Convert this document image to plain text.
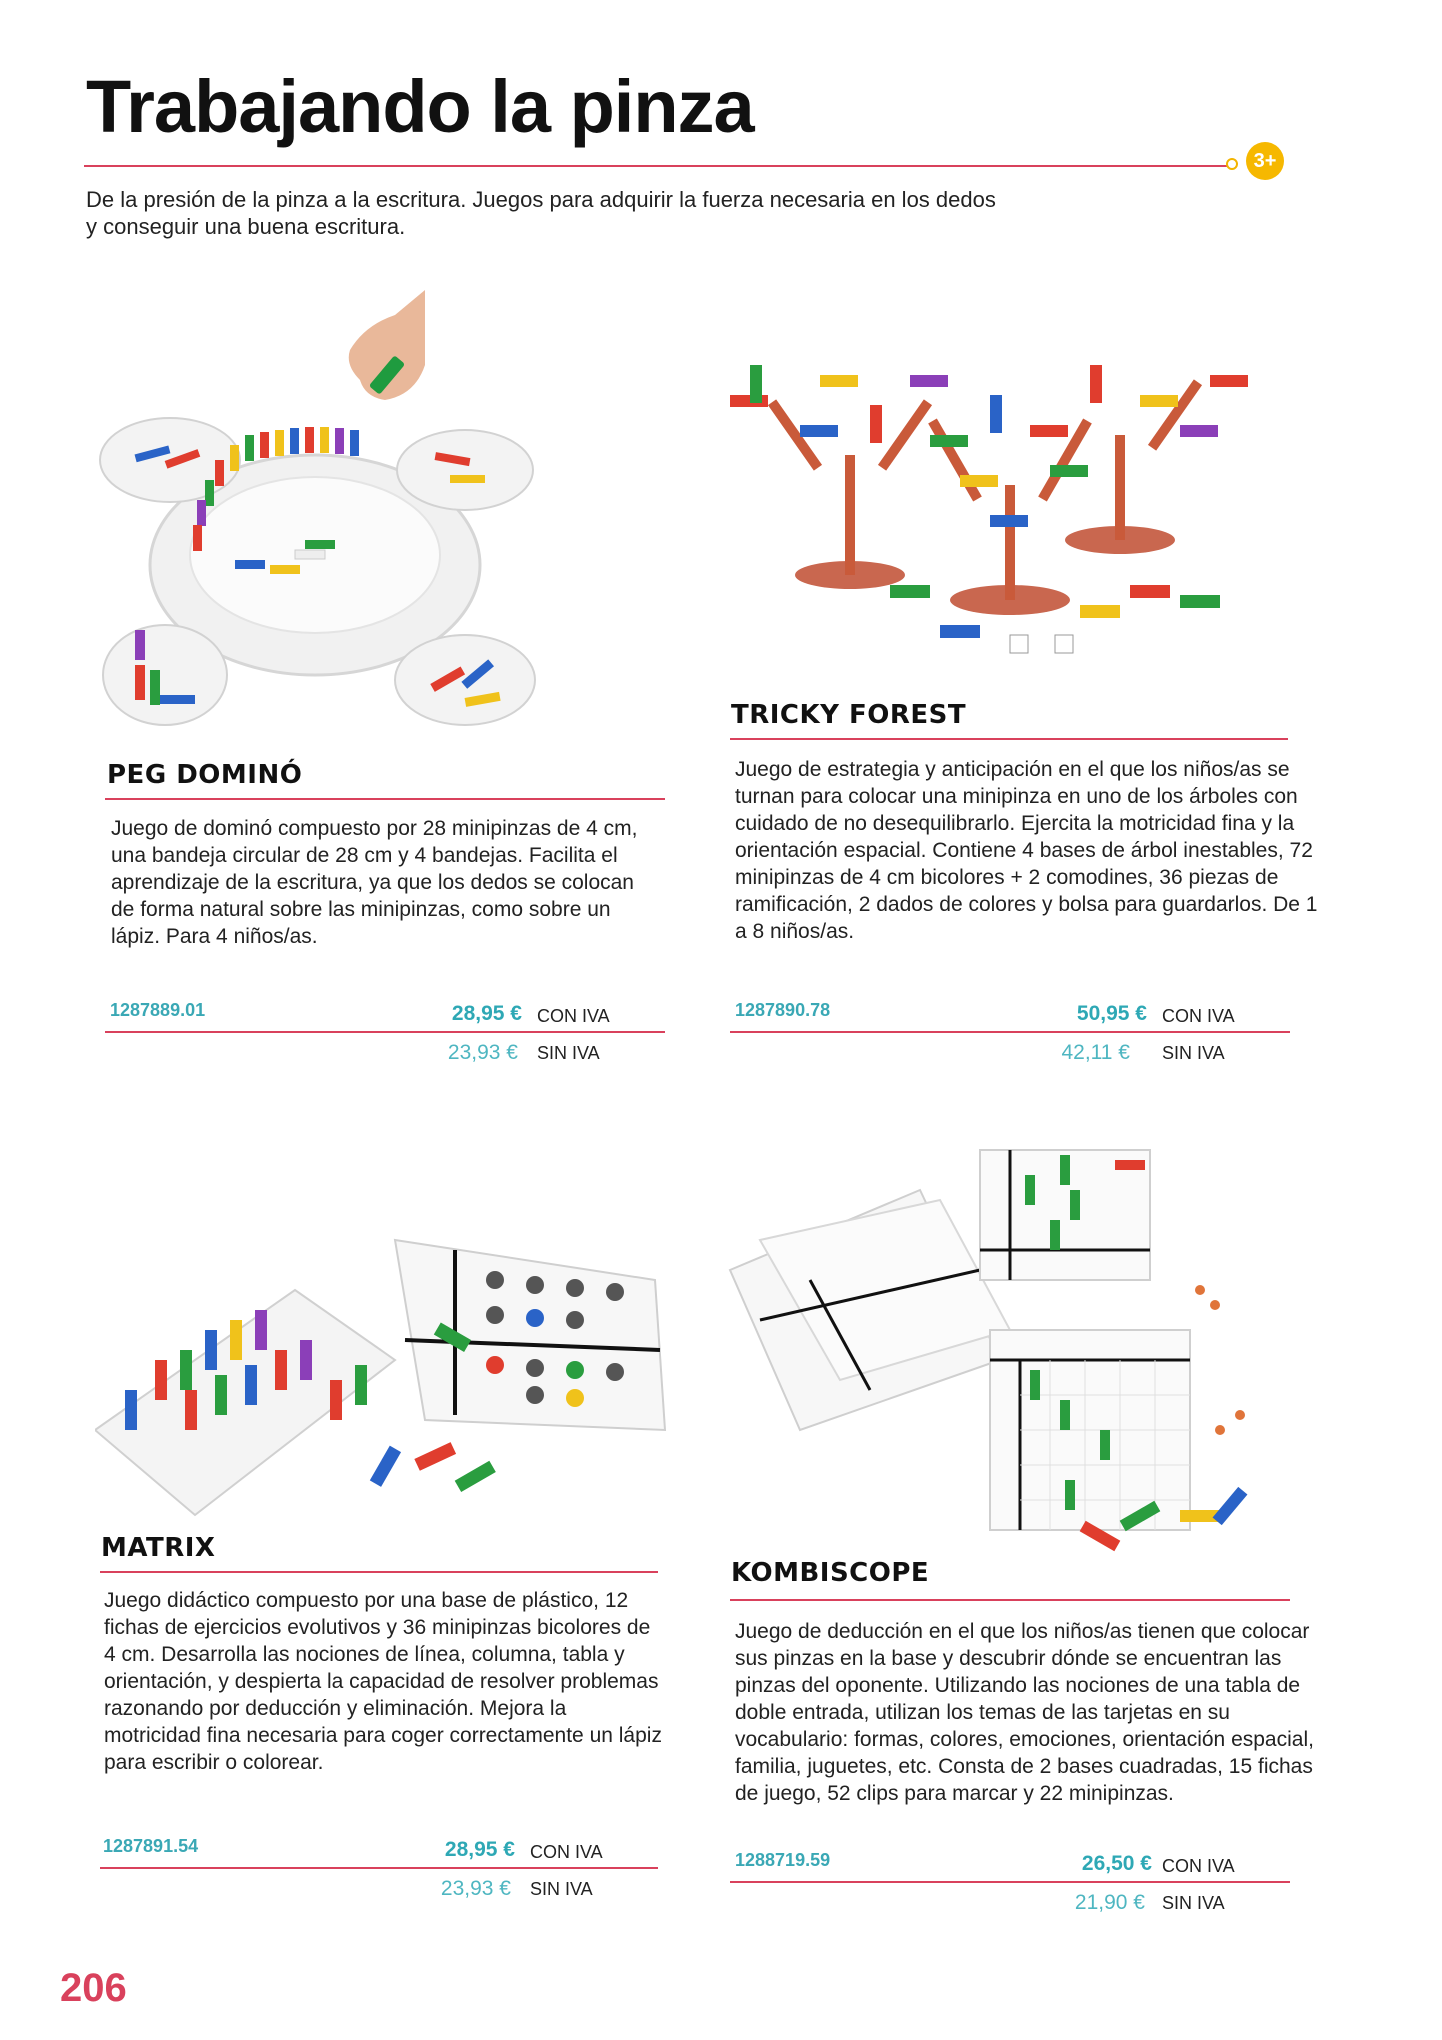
Trabajando la pinza
3+

De la presión de la pinza a la escritura. Juegos para adquirir la fuerza necesaria en los dedos
y conseguir una buena escritura.

PEG DOMINÓ

Juego de dominó compuesto por 28 minipinzas de 4 cm, una bandeja circular de 28 cm y 4 bandejas. Facilita el aprendizaje de la escritura, ya que los dedos se colocan de forma natural sobre las minipinzas, como sobre un lápiz. Para 4 niños/as.

1287889.01	28,95 € CON IVA
23,93 € SIN IVA
TRICKY FOREST

Juego de estrategia y anticipación en el que los niños/as se turnan para colocar una minipinza en uno de los árboles con cuidado de no desequilibrarlo. Ejercita la motricidad fina y la orientación espacial. Contiene 4 bases de árbol inestables, 72 minipinzas de 4 cm bicolores + 2 comodines, 36 piezas de ramificación, 2 dados de colores y bolsa para guardarlos. De 1 a 8 niños/as.

1287890.78	50,95 € CON IVA
42,11 € SIN IVA
MATRIX

Juego didáctico compuesto por una base de plástico, 12 fichas de ejercicios evolutivos y 36 minipinzas bicolores de 4 cm. Desarrolla las nociones de línea, columna, tabla y orientación, y despierta la capacidad de resolver problemas razonando por deducción y eliminación. Mejora la motricidad fina necesaria para coger correctamente un lápiz para escribir o colorear.

1287891.54	28,95 € CON IVA
23,93 € SIN IVA
KOMBISCOPE

Juego de deducción en el que los niños/as tienen que colocar sus pinzas en la base y descubrir dónde se encuentran las pinzas del oponente. Utilizando las nociones de una tabla de doble entrada, utilizan los temas de las tarjetas en su vocabulario: formas, colores, emociones, orientación espacial, familia, juguetes, etc. Consta de 2 bases cuadradas, 15 fichas de juego, 52 clips para marcar y 22 minipinzas.

1288719.59	26,50 € CON IVA
21,90 € SIN IVA
206
